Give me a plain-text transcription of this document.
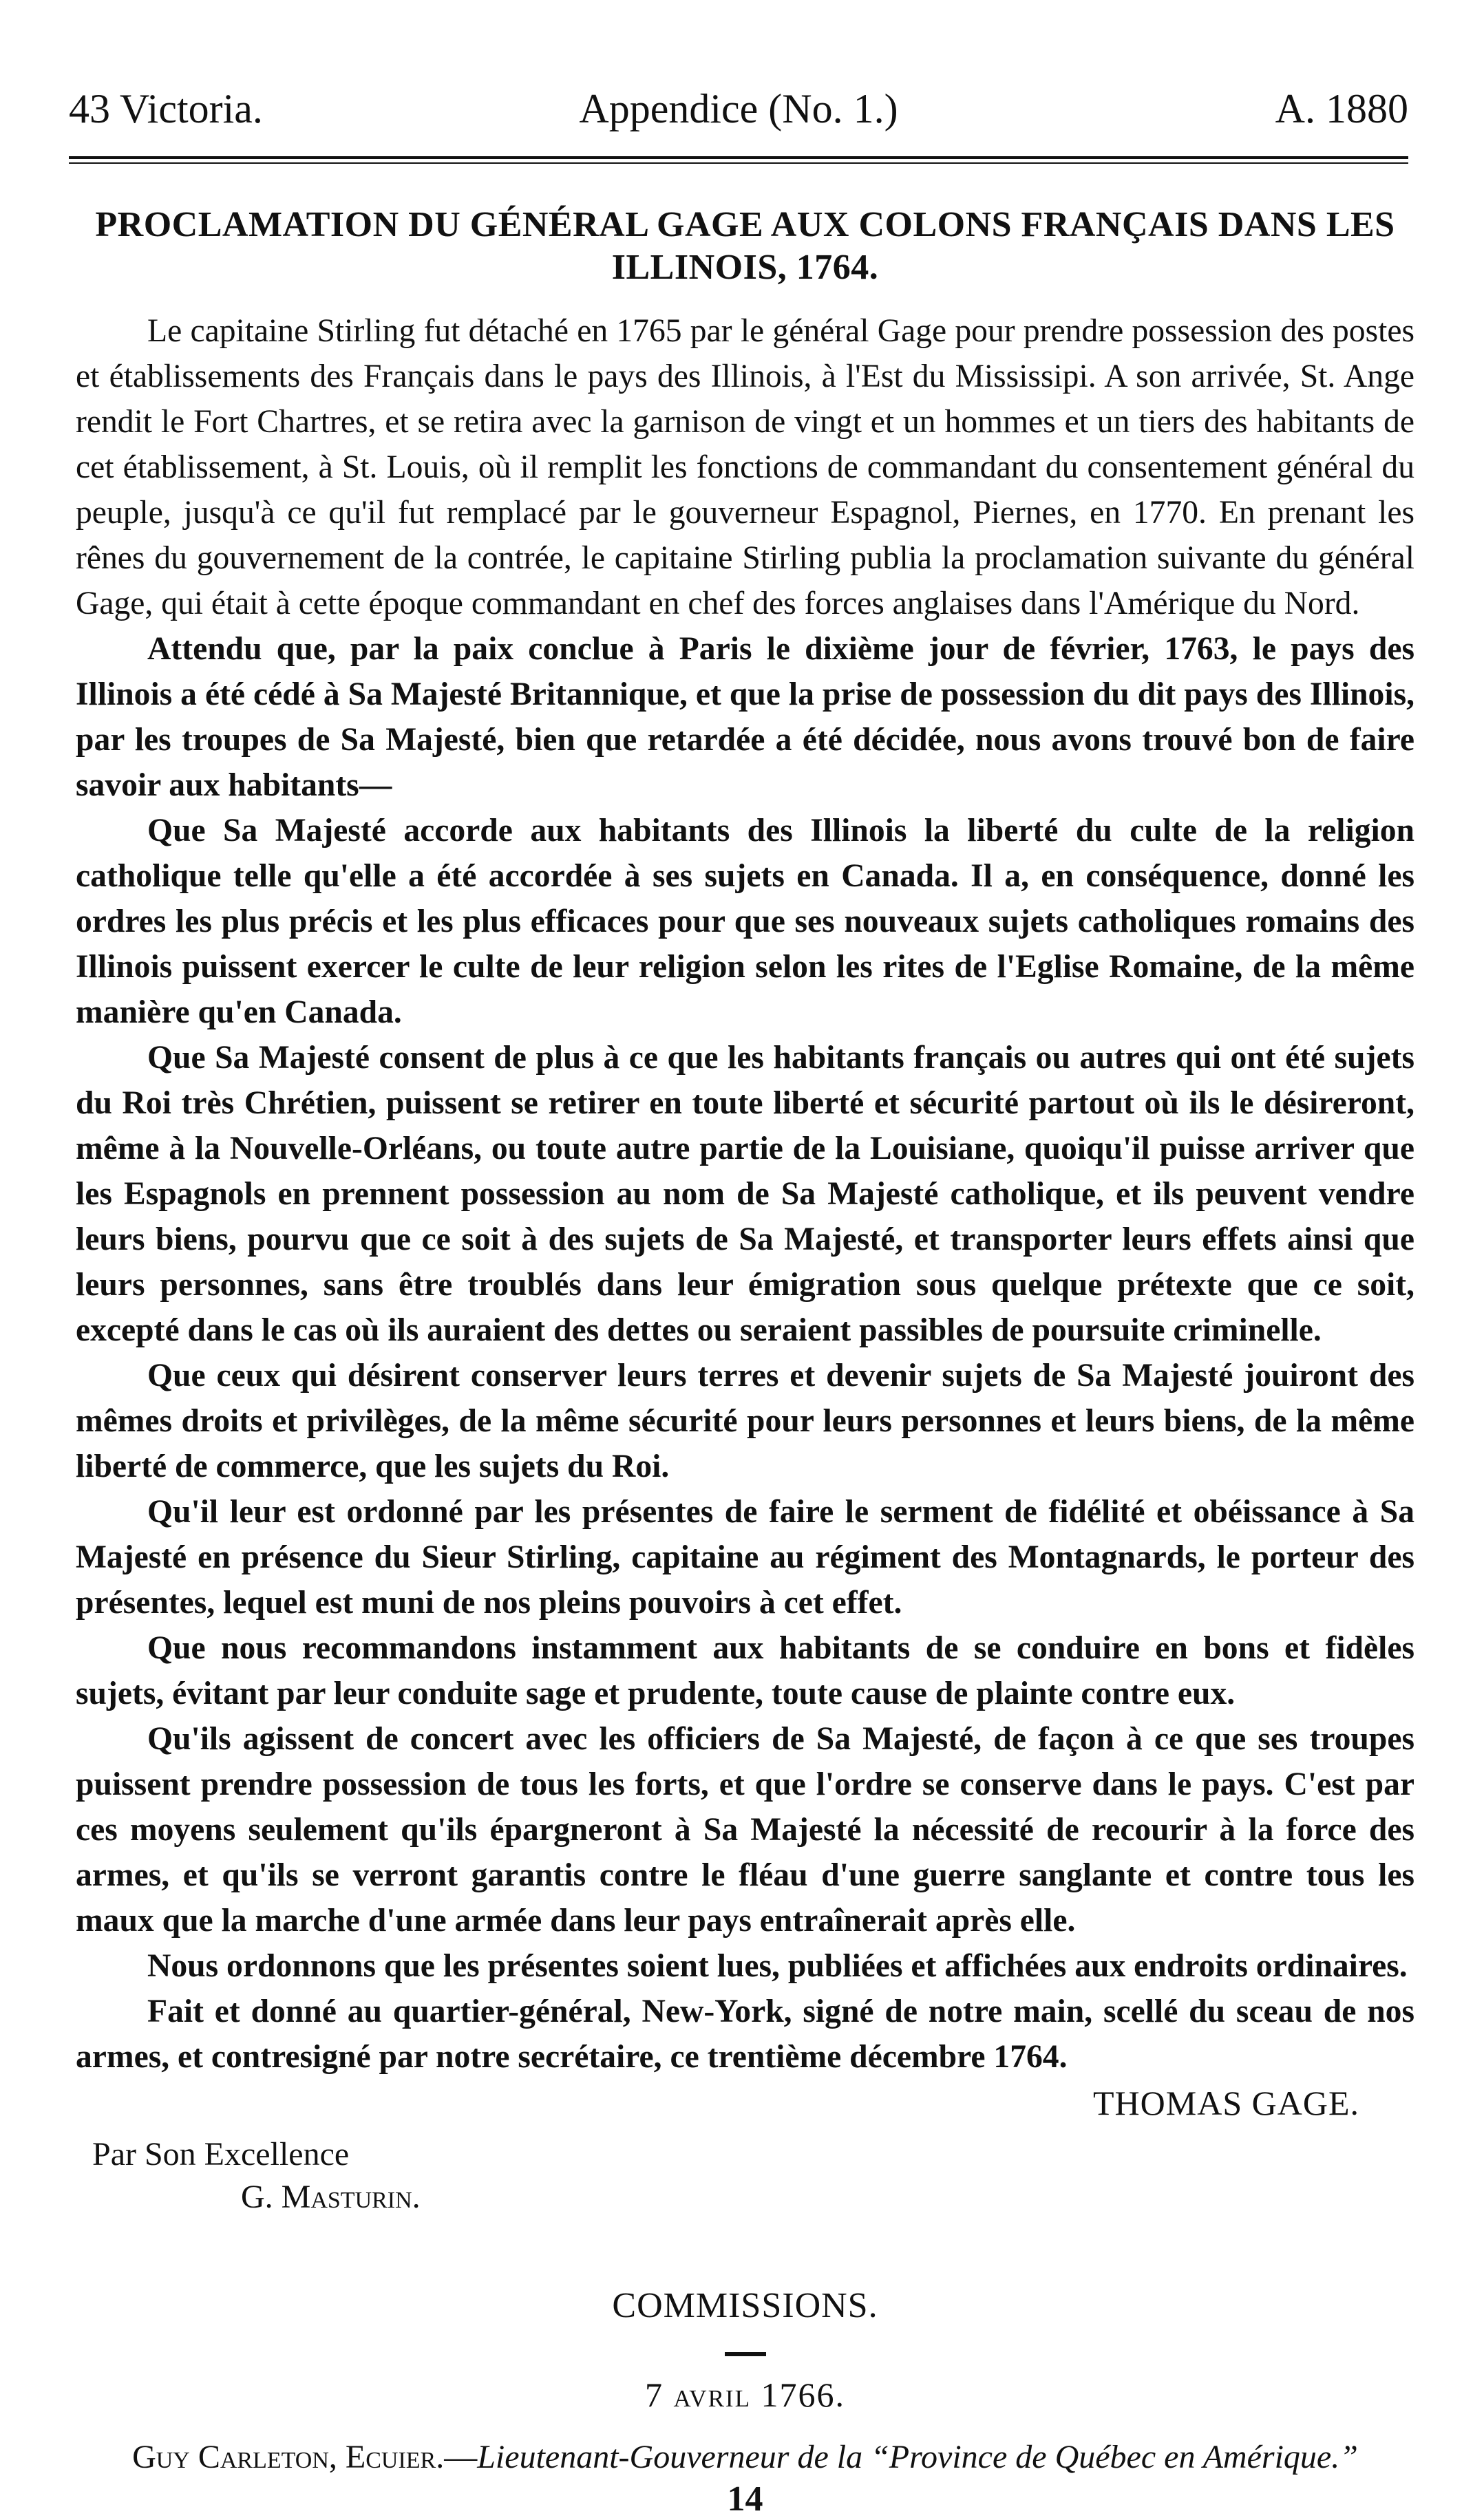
43 Victoria.	Appendice (No. 1.)	A. 1880
PROCLAMATION DU GÉNÉRAL GAGE AUX COLONS FRANÇAIS DANS LES ILLINOIS, 1764.

Le capitaine Stirling fut détaché en 1765 par le général Gage pour prendre possession des postes et établissements des Français dans le pays des Illinois, à l'Est du Mississipi. A son arrivée, St. Ange rendit le Fort Chartres, et se retira avec la garnison de vingt et un hommes et un tiers des habitants de cet établissement, à St. Louis, où il remplit les fonctions de commandant du consentement général du peuple, jusqu'à ce qu'il fut remplacé par le gouverneur Espagnol, Piernes, en 1770. En prenant les rênes du gouvernement de la contrée, le capitaine Stirling publia la proclamation suivante du général Gage, qui était à cette époque commandant en chef des forces anglaises dans l'Amérique du Nord.

Attendu que, par la paix conclue à Paris le dixième jour de février, 1763, le pays des Illinois a été cédé à Sa Majesté Britannique, et que la prise de possession du dit pays des Illinois, par les troupes de Sa Majesté, bien que retardée a été décidée, nous avons trouvé bon de faire savoir aux habitants—

Que Sa Majesté accorde aux habitants des Illinois la liberté du culte de la religion catholique telle qu'elle a été accordée à ses sujets en Canada. Il a, en conséquence, donné les ordres les plus précis et les plus efficaces pour que ses nouveaux sujets catholiques romains des Illinois puissent exercer le culte de leur religion selon les rites de l'Eglise Romaine, de la même manière qu'en Canada.

Que Sa Majesté consent de plus à ce que les habitants français ou autres qui ont été sujets du Roi très Chrétien, puissent se retirer en toute liberté et sécurité partout où ils le désireront, même à la Nouvelle-Orléans, ou toute autre partie de la Louisiane, quoiqu'il puisse arriver que les Espagnols en prennent possession au nom de Sa Majesté catholique, et ils peuvent vendre leurs biens, pourvu que ce soit à des sujets de Sa Majesté, et transporter leurs effets ainsi que leurs personnes, sans être troublés dans leur émigration sous quelque prétexte que ce soit, excepté dans le cas où ils auraient des dettes ou seraient passibles de poursuite criminelle.

Que ceux qui désirent conserver leurs terres et devenir sujets de Sa Majesté jouiront des mêmes droits et privilèges, de la même sécurité pour leurs personnes et leurs biens, de la même liberté de commerce, que les sujets du Roi.

Qu'il leur est ordonné par les présentes de faire le serment de fidélité et obéissance à Sa Majesté en présence du Sieur Stirling, capitaine au régiment des Montagnards, le porteur des présentes, lequel est muni de nos pleins pouvoirs à cet effet.

Que nous recommandons instamment aux habitants de se conduire en bons et fidèles sujets, évitant par leur conduite sage et prudente, toute cause de plainte contre eux.

Qu'ils agissent de concert avec les officiers de Sa Majesté, de façon à ce que ses troupes puissent prendre possession de tous les forts, et que l'ordre se conserve dans le pays. C'est par ces moyens seulement qu'ils épargneront à Sa Majesté la nécessité de recourir à la force des armes, et qu'ils se verront garantis contre le fléau d'une guerre sanglante et contre tous les maux que la marche d'une armée dans leur pays entraînerait après elle.

Nous ordonnons que les présentes soient lues, publiées et affichées aux endroits ordinaires.

Fait et donné au quartier-général, New-York, signé de notre main, scellé du sceau de nos armes, et contresigné par notre secrétaire, ce trentième décembre 1764.

THOMAS GAGE.
Par Son Excellence
G. Masturin.
COMMISSIONS.
7 avril 1766.
Guy Carleton, Ecuier.—Lieutenant-Gouverneur de la “Province de Québec en Amérique.”
14
